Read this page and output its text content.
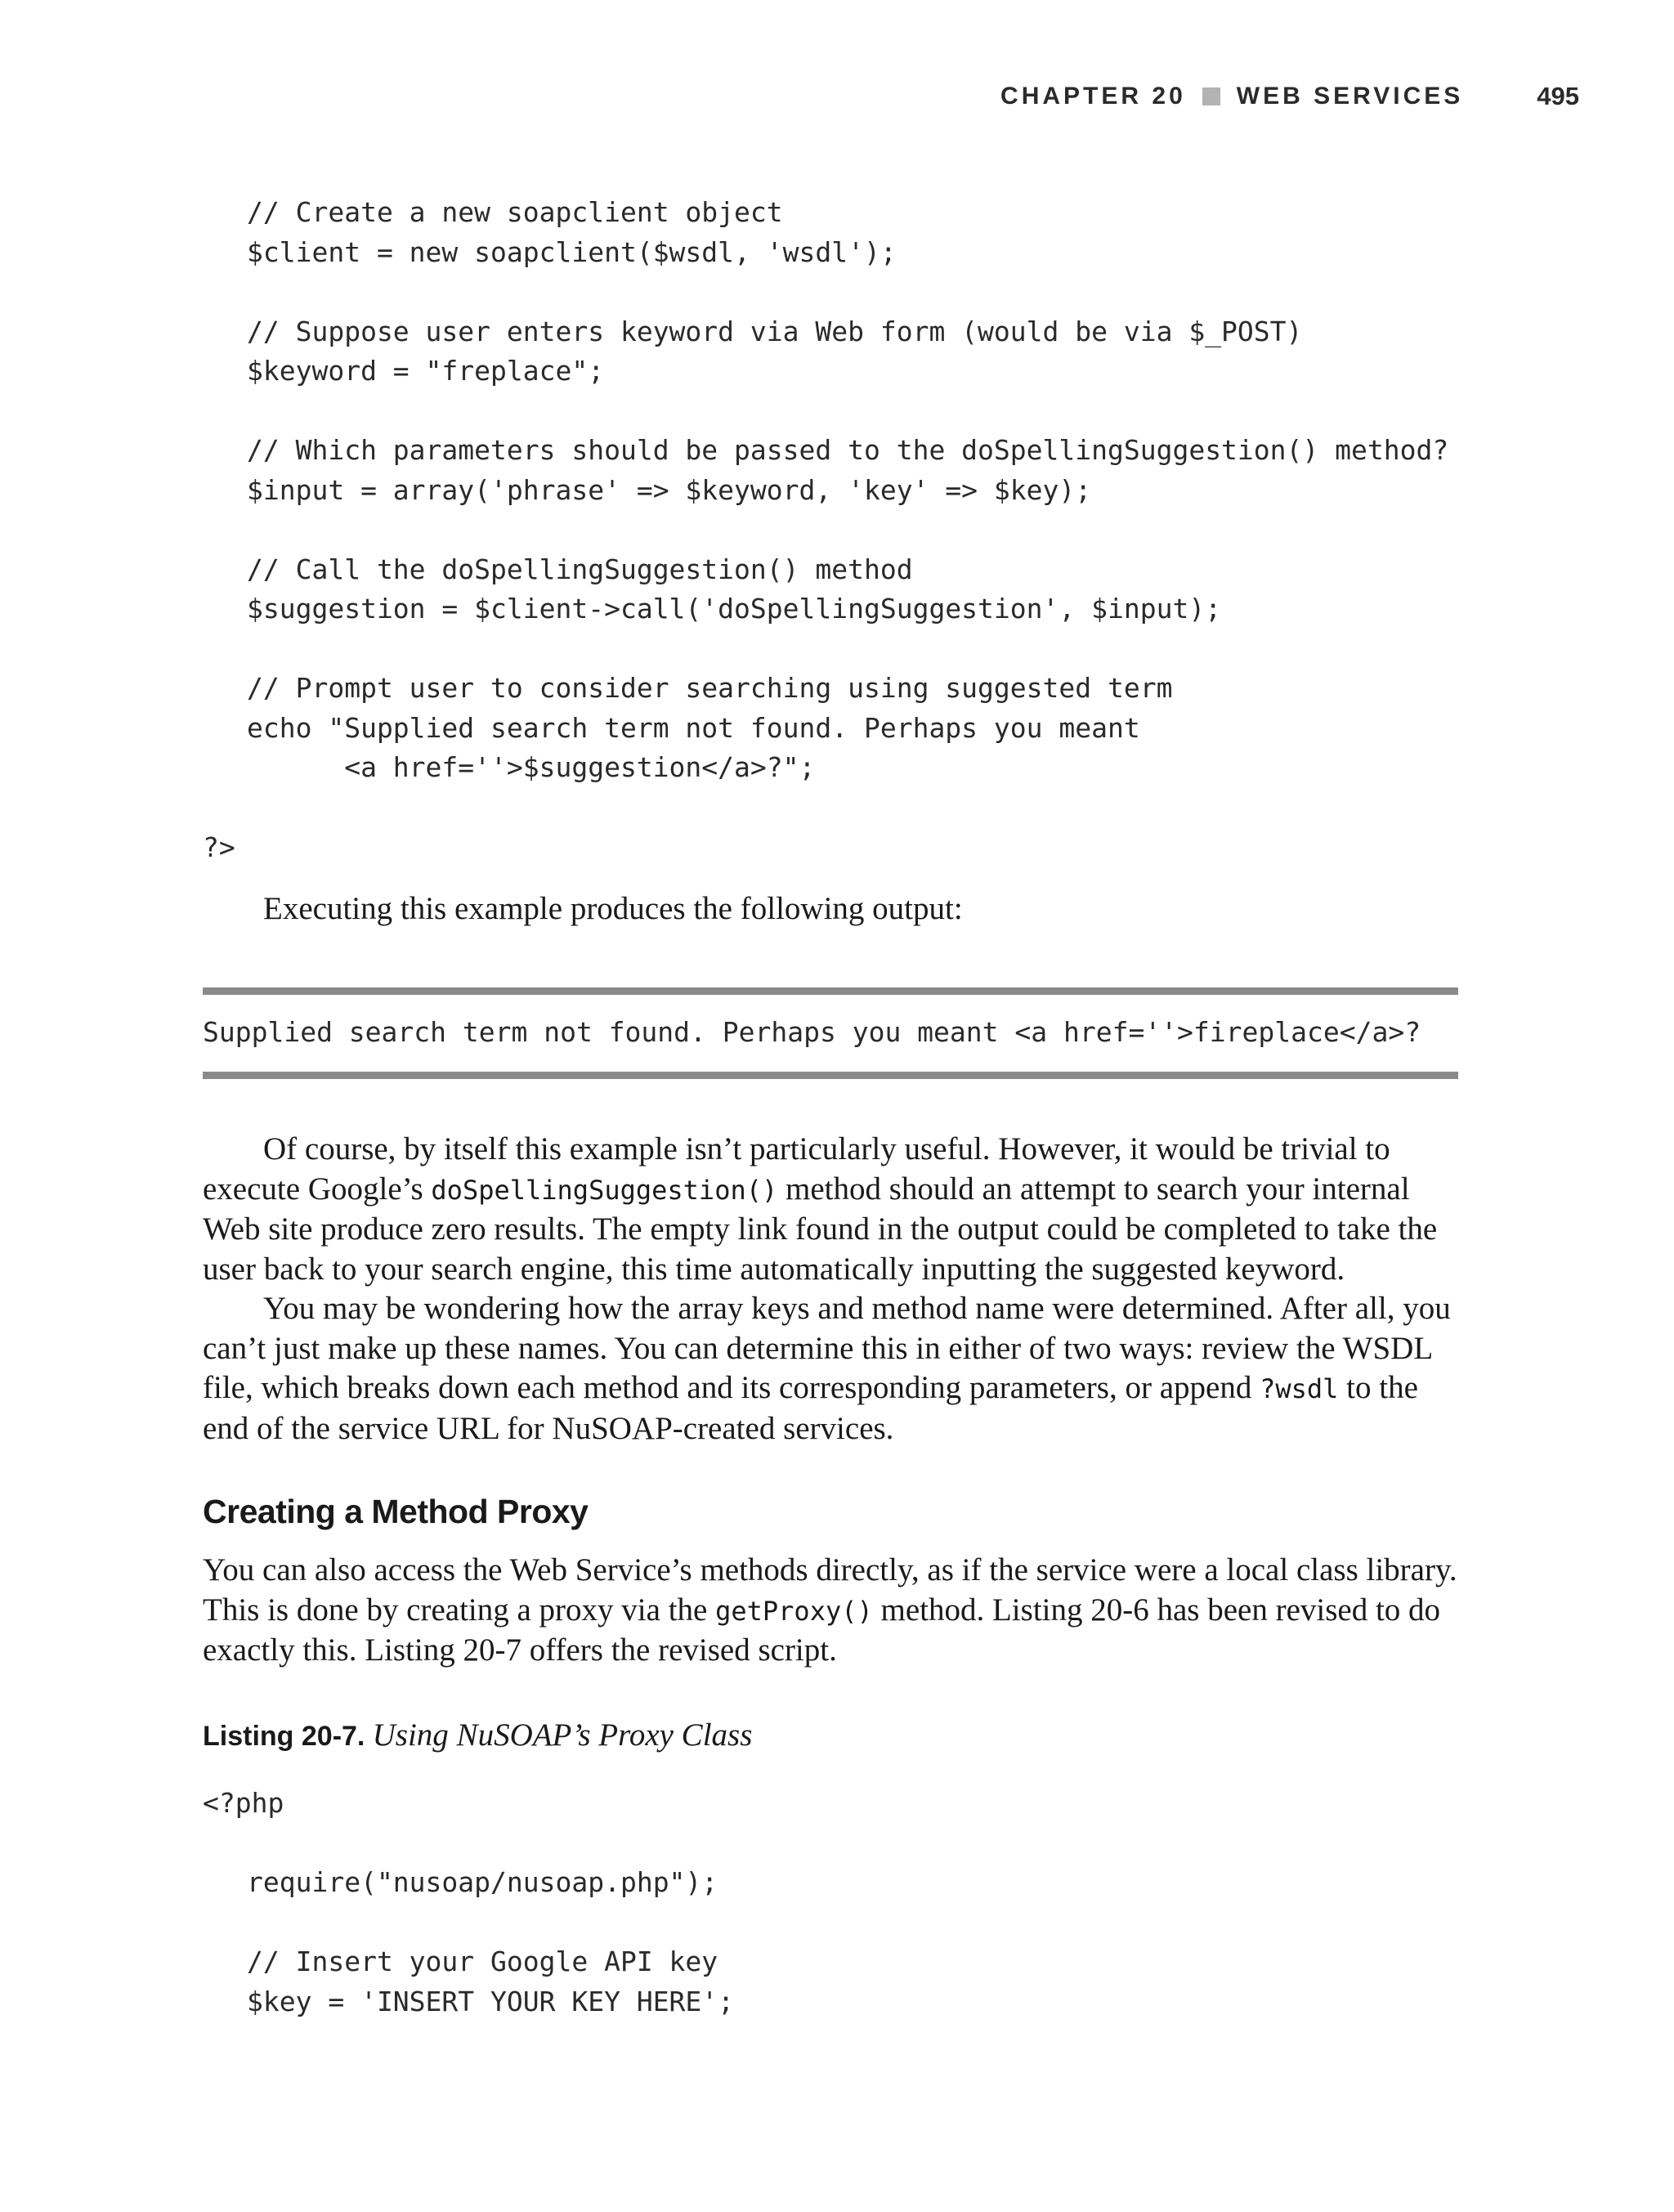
CHAPTER 20 WEB SERVICES	495
// Create a new soapclient object
$client = new soapclient($wsdl, 'wsdl');

// Suppose user enters keyword via Web form (would be via $_POST)
$keyword = "freplace";

// Which parameters should be passed to the doSpellingSuggestion() method?
$input = array('phrase' => $keyword, 'key' => $key);

// Call the doSpellingSuggestion() method
$suggestion = $client->call('doSpellingSuggestion', $input);

// Prompt user to consider searching using suggested term
echo "Supplied search term not found. Perhaps you meant
<a href=''>$suggestion</a>?";
?>

Executing this example produces the following output:

Supplied search term not found. Perhaps you meant <a href=''>fireplace</a>?

Of course, by itself this example isn’t particularly useful. However, it would be trivial to execute Google’s doSpellingSuggestion() method should an attempt to search your internal Web site produce zero results. The empty link found in the output could be completed to take the user back to your search engine, this time automatically inputting the suggested keyword.

You may be wondering how the array keys and method name were determined. After all, you can’t just make up these names. You can determine this in either of two ways: review the WSDL file, which breaks down each method and its corresponding parameters, or append ?wsdl to the end of the service URL for NuSOAP-created services.

Creating a Method Proxy

You can also access the Web Service’s methods directly, as if the service were a local class library. This is done by creating a proxy via the getProxy() method. Listing 20-6 has been revised to do exactly this. Listing 20-7 offers the revised script.

Listing 20-7. Using NuSOAP’s Proxy Class
<?php
require("nusoap/nusoap.php");

// Insert your Google API key
$key = 'INSERT YOUR KEY HERE';
